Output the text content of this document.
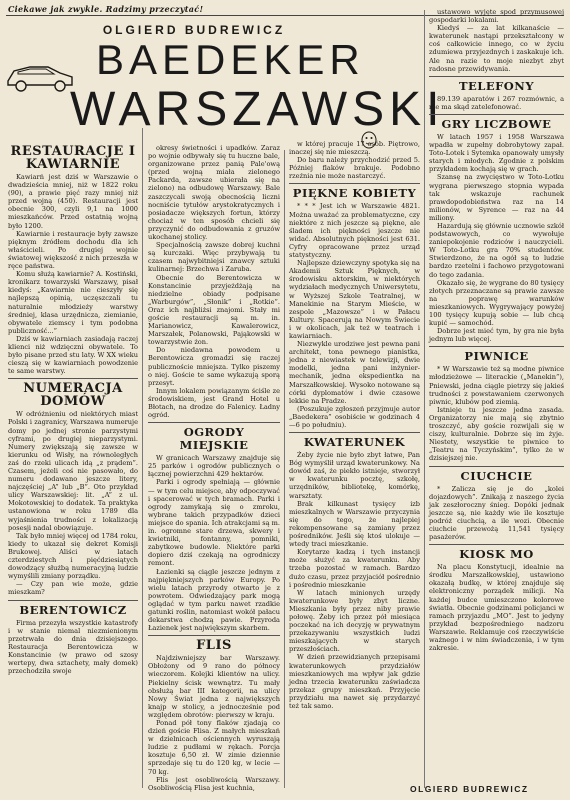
Ciekawe jak zwykle. Radzimy przeczytać!
OLGIERD BUDREWICZ
BAEDEKER
WARSZAWSKI
RESTAURACJE I KAWIARNIE

Kawiarń jest dziś w Warszawie o dwadzieścia mniej, niż w 1822 roku (90), a prawie pięć razy mniej niż przed wojną (450). Restauracji jest obecnie 300, czyli 9,1 na 1000 mieszkańców. Przed ostatnią wojną było 1200.

Kawiarnie i restauracje były zawsze pięknym źródłem dochodu dla ich właścicieli. Po drugiej wojnie światowej większość z nich przeszła w ręce państwa.

Komu służą kawiarnie? A. Kostiński, kronikarz towarzyski Warszawy, pisał kiedyś: „Kawiarnie nie cieszyły się najlepszą opinią, uczęszczali tu naturalnie młodzieży warstwy średniej, klasa urzędnicza, ziemianie, obywatele ziemscy i tym podobna publiczność...”

Dziś w kawiarniach zasiadają raczej klienci niż wdzięczni obywatele. To było pisane przed stu laty. W XX wieku cieszą się w kawiarniach powodzenie te same warstwy.

NUMERACJA DOMÓW

W odróżnieniu od niektórych miast Polski i zagranicy, Warszawa numeruje domy po jednej stronie parzystymi cyframi, po drugiej nieparzystymi. Numery zwiększają się zawsze w kierunku od Wisły, na równoległych zaś do rzeki ulicach idą „z prądem”. Czasem, jeżeli coś nie pasowało, do numeru dodawano jeszcze litery, najczęściej „A” lub „B”. Oto przykład ulicy Warszawskiej: lit. „A” z ul. Mokotowskiej to dodatek. Ta praktyka ustanowiona w roku 1789 dla wyjaśnienia trudności z lokalizacją posesji nadal obowiązuje.

Tak było mniej więcej od 1784 roku, kiedy to ukazał się dekret Komisji Brukowej. Aliści w latach czterdziestych i pięćdziesiątych dowodzący służbą numeracyjną ludzie wymyślili zmiany porządku.

— Czy pan wie może, gdzie mieszkam?

BERENTOWICZ

Firma przezyła wszystkie katastrofy i w stanie niemal niezmienionym przetrwała do dnia dzisiejszego. Restauracja Berentowicza w Konstancinie (w prawo od szosy wertepy, dwa sztachety, mały domek) przechodziła swoje

okresy świetności i upadków. Zaraz po wojnie odbywały się tu huczne bale, organizowane przez panią Pale'ową (przed wojną miała zielonego Packarda, zawsze ubierała się na zielono) na odbudowę Warszawy. Bale zaszczycali swoją obecnością liczni nocniście tytułów arystokratycznych i posiadacze większych fortun, którzy chociaż w ten sposób chcieli się przyczynić do odbudowania z gruzów ukochanej stolicy.

Specjalnością zawsze dobrej kuchni są kurczaki. Więc przybywają tu czasem najwybitniejsi znawcy sztuki kulinarnej: Brzechwa i Zaruba.

Obecnie do Berentowicza w Konstancinie przyjeżdżają na niedzielne obiady podpisane „Warburgów”, „Słonik” i „Rotkie”. Oraz ich najbliżsi znajomi. Stały mi goście restauracji są m. in. Marianowicz, Kawalerowicz, Marszałek, Polanowski, Pająkowski w towarzystwie żon.

Do niedawna powodem u Berentowicza gromadzi się raczej publicznoście mniejsza. Tylko piszemy o niej. Goście te same wykazują sporą przesyt.

Innym lokalem powiązanym ściśle ze środowiskiem, jest Grand Hotel u Błotach, na drodze do Falenicy. Ładny ogród.

OGRODY MIEJSKIE

W granicach Warszawy znajduje się 25 parków i ogrodów publicznych o łącznej powierzchni 429 hektarów.

Parki i ogrody spełniają — głównie — w tym celu miejsce, aby odpoczywać i spacerować w tych bramach. Parki i ogrody zamykają się o zmroku, wybrane takich przypadków dzieci miejsce do spania. Ich atrakcjami są m. in. ogromne stare drzewa, skwery i kwietniki, fontanny, pomniki, zabytkowe budowle. Niektóre parki dopiero dziś czekają na ogrodniczy remont.

Łazienki są ciągle jeszcze jednym z najpiękniejszych parków Europy. Po wielu latach przyrody otwarto je z powrotem. Odwiedzający park mogą oglądać w tym parku nawet rzadkie gatunki roślin, natomiast wokół pałacu dekarstwa chodzą pawie. Przyroda Łazienek jest największym skarbem.

FLIS

Najdziwniejszy bar Warszawy. Obłożony od 9 rano do północy wieczorem. Kolejki klientów na ulicy. Piekielny ścisk wewnątrz. Tu mały obsłużą bar III kategorii, na ulicy Nowy Świat jedna z największych knajp w stolicy, a jednocześnie pod względem obrotów: pierwszy w kraju.

Ponad pół tony flaków zjadają co dzień goście Flisa. Z małych mieszkań w dzielnicach ościennych wyruszają ludzie z pudłami w rękach. Porcja kosztuje 6,50 zł. W zimie dziennie sprzedaje się tu do 120 kg, w lecie — 70 kg.

Flis jest osobliwością Warszawy. Osobliwością Flisa jest kuchnia,

w której pracuje 17 osób. Piętrowo, inaczej się nie mieszczą.

Do baru należy przychodzić przed 5. Później flaków brakuje. Podobno rzeźnia nie może nastarczyć.

PIĘKNE KOBIETY

* * * Jest ich w Warszawie 4821. Można uważać za problematyczne, czy niektóre z nich jeszcze są piękne, ale śladem ich piękności jeszcze nie widać. Absolutnych piękności jest 631. Cyfry opracowane przez urząd statystyczny.

Najlepsze dziewczyny spotyka się na Akademii Sztuk Pięknych, w środowisku aktorskim, w niektórych wydziałach medycznych Uniwersytetu, w Wyższej Szkole Teatralnej, w Manekinie na Starym Mieście, w zespole „Mazowsze” i w Pałacu Kultury. Spacerują na Nowym Świecie i w okolicach, jak też w teatrach i kawiarniach.

Niezwykle urodziwe jest pewna pani architekt, tona pewnego pianistka, jedna z niewiastek w telewizji, dwie modelki, jedna pani inżynier-mechanik, jedna ekspedientka na Marszałkowskiej. Wysoko notowane są córki dyplomatów i dwie czasowe lekkie na Pradze.

(Poszukuje zgłoszeń przyjmuje autor „Baedekera” osobiście w godzinach 4—6 po południu).

KWATERUNEK

Żeby życie nie było zbyt łatwe, Pan Bóg wymyślił urząd kwaterunkowy. Na dowód zaś, że piekło istnieje, stworzył w kwaterunku pocztę, szkołę, urzędników, bibliotekę, komórkę, warsztaty.

Brak kilkunast tysięcy izb mieszkalnych w Warszawie przyczynia się do tego, że najlepiej rekompensowane są zamiany przez pośredników. Jeśli się ktoś ulokuje — wtedy traci mieszkanie.

Korytarze kadzą i tych instancji może służyć za kwaterunku. Aby trzeba pozostać w ramach. Bardzo dużo czasu, przez przyjaciół pośrednio i pośrednio mieszkanie

W latach minionych urzędy kwaterunkowe były zbyt liczne. Mieszkania były przez niby prawie połowę. Żeby ich przez pół miesiąca poczekać na ich decyzję w prywatnym przekazywaniu wszystkich ludzi mieszkających w starych przeszłościach.

W dzień przewidzianych przepisami kwaterunkowych przydziałów mieszkaniowych ma wpływ jak gdzie jedna trzecia kwaterunku zaświadcza przekaz grupy mieszkań. Przyjęcie przydziału ma nawet się przydarzyć też tak samo.

ustawowo wyjęte spod przymusowej gospodarki lokalami.

Kiedyś — za lat kilkanaście — kwaterunek nastąpi przekształcony w coś całkowicie innego, co w życiu zdumiewa przyjezdnych i zaskakuje ich. Ale na razie to moje niezbyt zbyt radosne przewidywania.

TELEFONY

89.139 aparatów i 267 rozmównic, a nie ma skąd zatelefonować.

GRY LICZBOWE

W latach 1957 i 1958 Warszawa wpadła w zupełny dobrobytowy zapał. Toto-Lotek i Sytemka opanowały umysły starych i młodych. Zgodnie z polskim przykładem kochają się w grach.

Szansę na zwycięstwo w Toto-Lotku wygrana pierwszego stopnia wypada tak wskazuje rachunek prawdopodobieństwa raz na 14 milionów, w Syrence — raz na 44 miliony.

Hazardują się głównie ucznowie szkół podstawowych, co wywołuje zaniepokojenie rodziców i nauczycieli. W Toto-Lotku gra 70% studentów. Stwierdzono, że na ogół są to ludzie bardzo rzetelni i fachowo przygotowani do tego zadania.

Okazało się, że wygrane do 80 tysięcy złotych przeznaczane są prawie zawsze na poprawę warunków mieszkaniowych. Wygrywający powyżej 100 tysięcy kupują sobie — lub chcą kupić — samochód.

Dobrze jest mieć tym, by gra nie była jednym lub więcej.

PIWNICE

* W Warszawie też są modne piwnice młodzieżowe — literackie („Manekin”), Pniewski, jedna ciągle pietrzy się jakieś trudności z powstawaniem czerwonych piwnic, klubów pod ziemią.

Istnieje tu jeszcze jedna zasada. Organizatorzy nie mają się zbytnio troszczyć, aby goście rozwijali się w ciszy, kulturalnie. Dobrze się im żyje. Niestety, wszystkie te piwnice to „Teatru na Tyczyńskim”, tylko że w dzisiejszej nie.

CIUCHCIE

* Zalicza się je do „kolei dojazdowych”. Znikają z naszego życia jak zeszłoroczny śnieg. Dopóki jednak jeszcze są, nie każdy wie ile kosztuje podróż ciuchcią, a ile wozi. Obecnie ciuchcie przewożą 11,541 tysięcy pasażerów.

KIOSK MO

Na placu Konstytucji, idealnie na środku Marszałkowskiej, ustawiono okazałą budkę, w której znajduje się elektroniczny porządek milicji. Na każdej budce umieszczono kolorowe światła. Obecnie godzinami policjanci w ramach przyjazdu „MO”. Jest to jedyny przykład bezpośredniego nadzoru Warszawie. Reklamuje coś rzeczywiście ważnego i w nim świadczenia, i w tym zakresie.

OLGIERD BUDREWICZ
